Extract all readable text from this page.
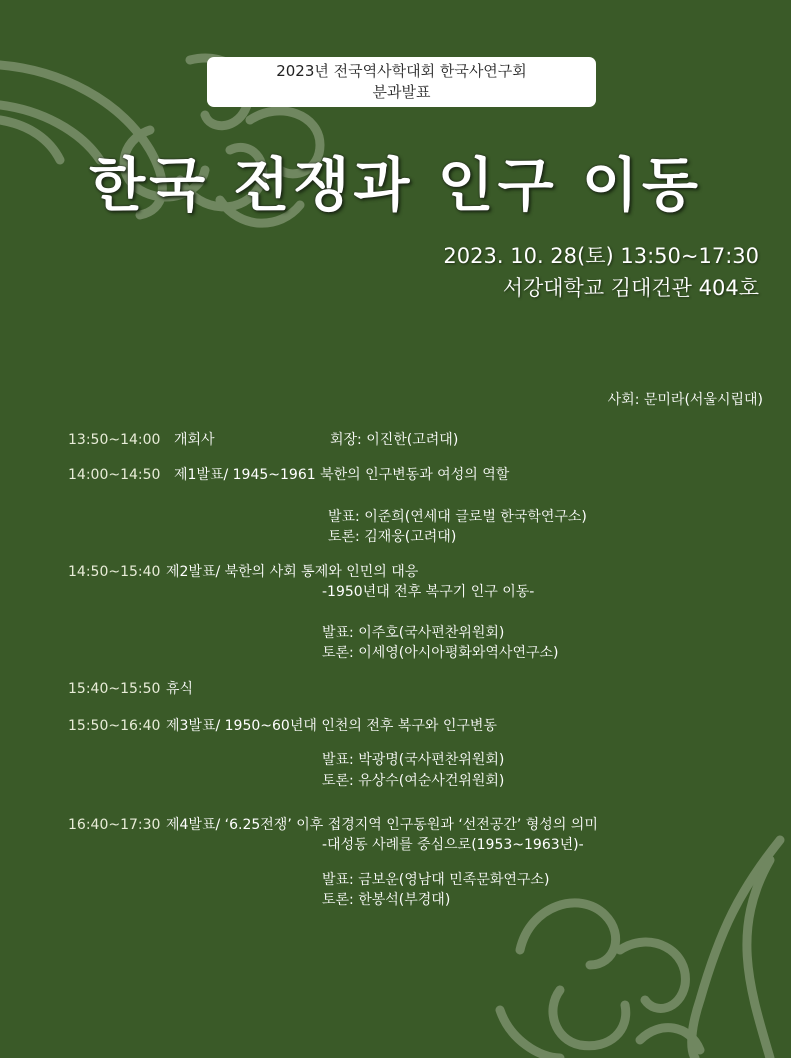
2023년 전국역사학대회 한국사연구회
분과발표
한국 전쟁과 인구 이동
2023. 10. 28(토) 13:50~17:30
서강대학교 김대건관 404호
사회: 문미라(서울시립대)
13:50~14:00 개회사	회장: 이진한(고려대)
14:00~14:50 제1발표/ 1945~1961 북한의 인구변동과 여성의 역할
발표: 이준희(연세대 글로벌 한국학연구소)
토론: 김재웅(고려대)
14:50~15:40 제2발표/ 북한의 사회 통제와 인민의 대응
-1950년대 전후 복구기 인구 이동-
발표: 이주호(국사편찬위원회)
토론: 이세영(아시아평화와역사연구소)
15:40~15:50 휴식
15:50~16:40 제3발표/ 1950~60년대 인천의 전후 복구와 인구변동
발표: 박광명(국사편찬위원회)
토론: 유상수(여순사건위원회)
16:40~17:30 제4발표/ ‘6.25전쟁’ 이후 접경지역 인구동원과 ‘선전공간’ 형성의 의미
-대성동 사례를 중심으로(1953~1963년)-
발표: 금보운(영남대 민족문화연구소)
토론: 한봉석(부경대)
